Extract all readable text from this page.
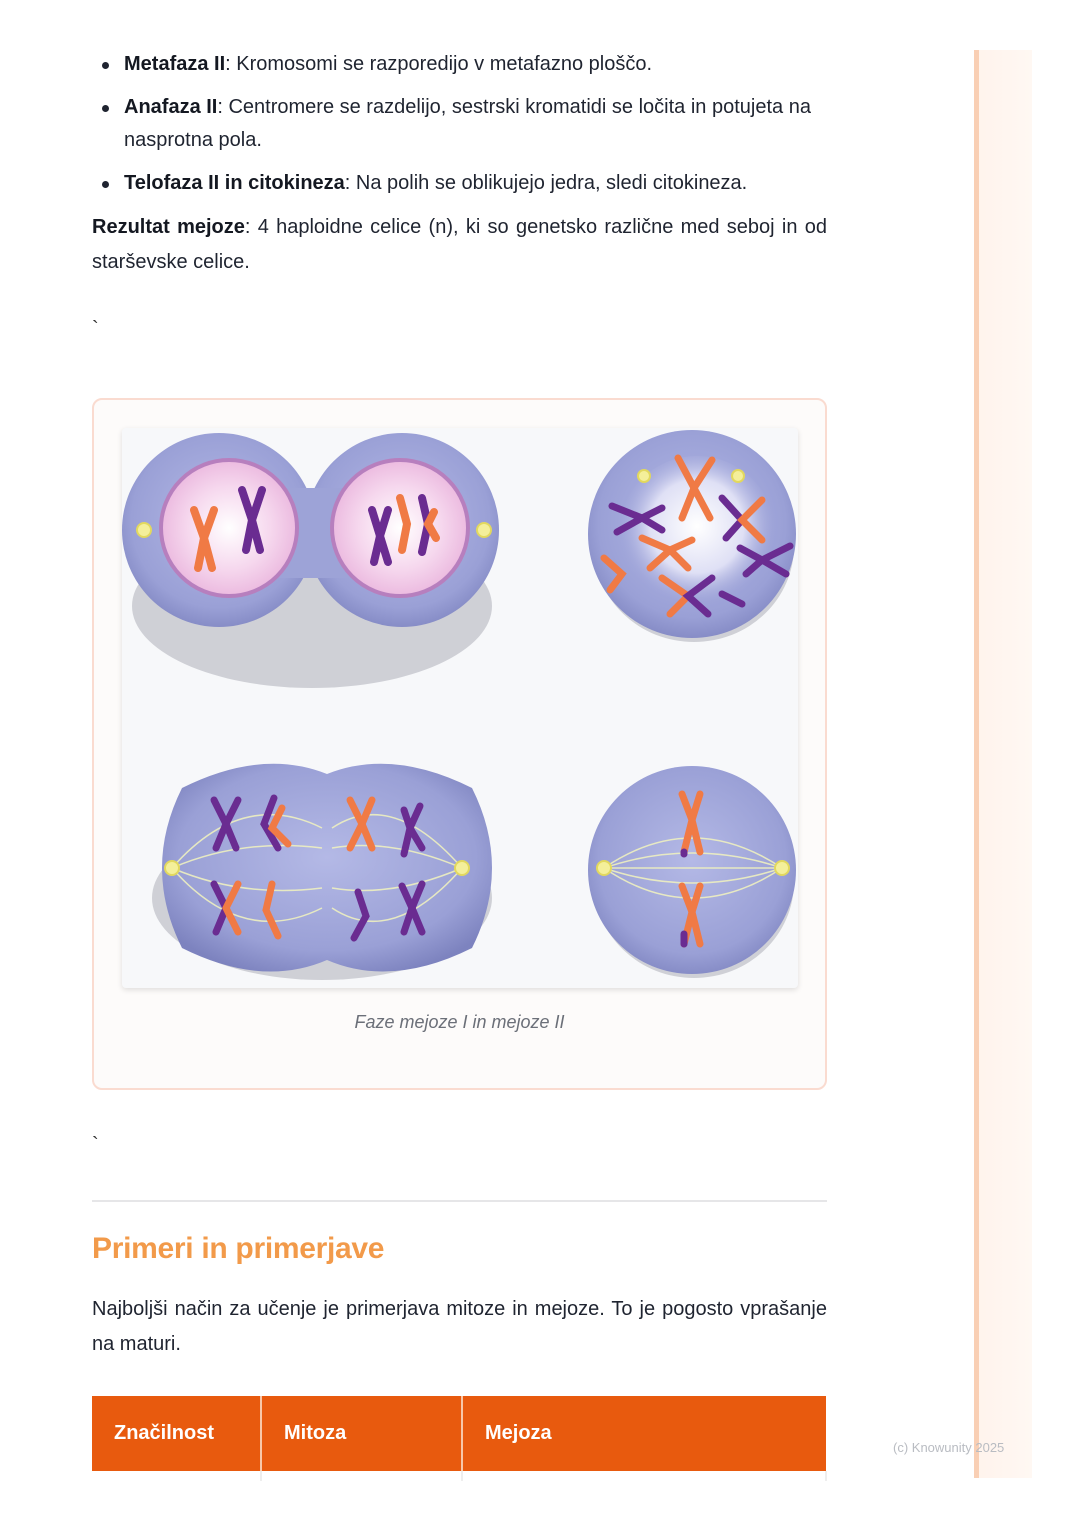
Metafaza II: Kromosomi se razporedijo v metafazno ploščo.
Anafaza II: Centromere se razdelijo, sestrski kromatidi se ločita in potujeta na nasprotna pola.
Telofaza II in citokineza: Na polih se oblikujejo jedra, sledi citokineza.

Rezultat mejoze: 4 haploidne celice (n), ki so genetsko različne med seboj in od starševske celice.

`
Faze mejoze I in mejoze II
`
Primeri in primerjave

Najboljši način za učenje je primerjava mitoze in mejoze. To je pogosto vprašanje na maturi.

Značilnost	Mitoza	Mejoza

(c) Knowunity 2025
